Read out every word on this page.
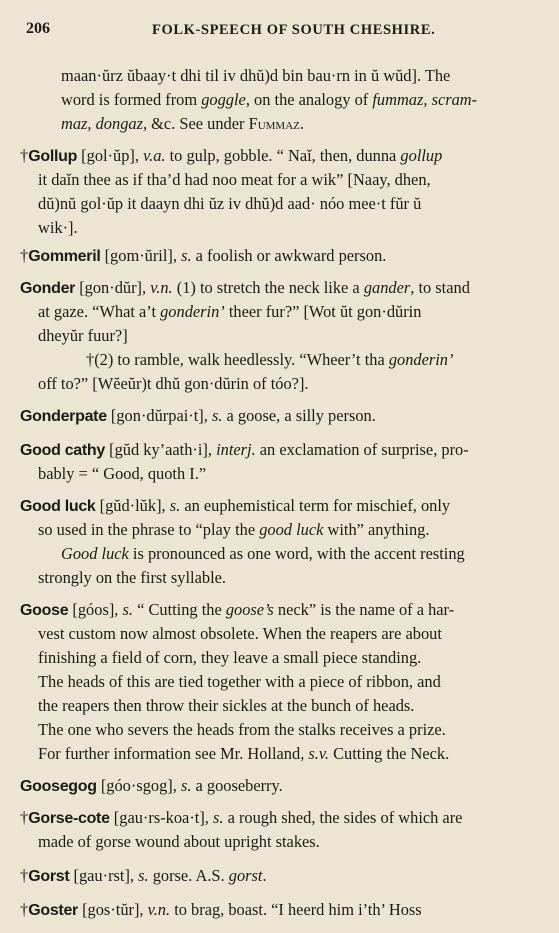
206	FOLK-SPEECH OF SOUTH CHESHIRE.
maan·ŭrz ŭbaay·t dhi til iv dhŭ)d bin bau·rn in ŭ wŭd]. The
word is formed from goggle, on the analogy of fummaz, scram-
maz, dongaz, &c. See under Fummaz.
†Gollup [gol·ŭp], v.a. to gulp, gobble. “ Naĭ, then, dunna gollup
it daĭn thee as if tha’d had noo meat for a wik” [Naay, dhen,
dŭ)nŭ gol·ŭp it daayn dhi ŭz iv dhŭ)d aad· nóo mee·t fŭr ŭ
wik·].
†Gommeril [gom·ŭril], s. a foolish or awkward person.
Gonder [gon·dŭr], v.n. (1) to stretch the neck like a gander, to stand
at gaze. “What a’t gonderin’ theer fur?” [Wot ŭt gon·dŭrin
dheyŭr fuur?]
†(2) to ramble, walk heedlessly. “Wheer’t tha gonderin’
off to?” [Wĕeŭr)t dhŭ gon·dŭrin of tóo?].
Gonderpate [gon·dŭrpai·t], s. a goose, a silly person.
Good cathy [gŭd ky’aath·i], interj. an exclamation of surprise, pro-
bably = “ Good, quoth I.”
Good luck [gŭd·lŭk], s. an euphemistical term for mischief, only
so used in the phrase to “play the good luck with” anything.
Good luck is pronounced as one word, with the accent resting
strongly on the first syllable.
Goose [góos], s. “ Cutting the goose’s neck” is the name of a har-
vest custom now almost obsolete. When the reapers are about
finishing a field of corn, they leave a small piece standing.
The heads of this are tied together with a piece of ribbon, and
the reapers then throw their sickles at the bunch of heads.
The one who severs the heads from the stalks receives a prize.
For further information see Mr. Holland, s.v. Cutting the Neck.
Goosegog [góo·sgog], s. a gooseberry.
†Gorse-cote [gau·rs-koa·t], s. a rough shed, the sides of which are
made of gorse wound about upright stakes.
†Gorst [gau·rst], s. gorse. A.S. gorst.
†Goster [gos·tŭr], v.n. to brag, boast. “I heerd him i’th’ Hoss
